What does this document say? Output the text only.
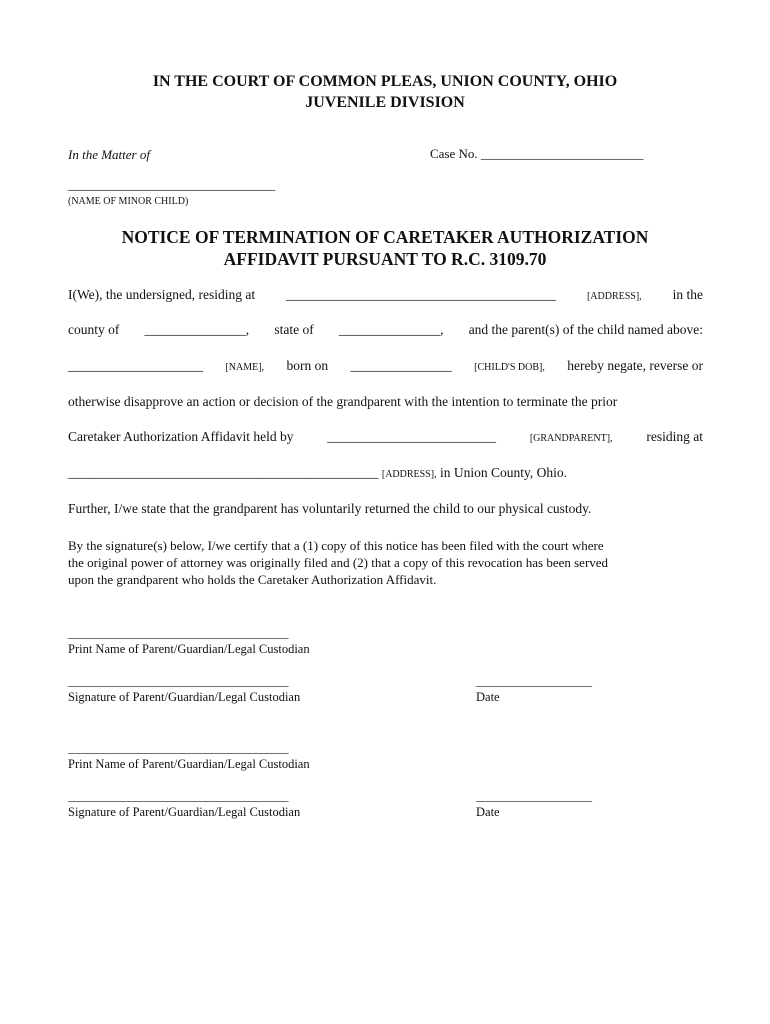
IN THE COURT OF COMMON PLEAS, UNION COUNTY, OHIO
JUVENILE DIVISION
In the Matter of	Case No. _________________________
___________________________________
(NAME OF MINOR CHILD)
NOTICE OF TERMINATION OF CARETAKER AUTHORIZATION
AFFIDAVIT PURSUANT TO R.C. 3109.70
I(We), the undersigned, residing at ________________________________________	[ADDRESS], in the
county of _______________, state of _______________, and the parent(s) of the child named above:
____________________ [NAME], born on _______________ [CHILD'S DOB], hereby negate, reverse or
otherwise disapprove an action or decision of the grandparent with the intention to terminate the prior
Caretaker Authorization Affidavit held by	_________________________	[GRANDPARENT],	residing at
______________________________________________ [ADDRESS], in Union County, Ohio.
Further, I/we state that the grandparent has voluntarily returned the child to our physical custody.
By the signature(s) below, I/we certify that a (1) copy of this notice has been filed with the court where
the original power of attorney was originally filed and (2) that a copy of this revocation has been served
upon the grandparent who holds the Caretaker Authorization Affidavit.
________________________________________
Print Name of Parent/Guardian/Legal Custodian
________________________________________
Signature of Parent/Guardian/Legal Custodian
_____________________
Date
________________________________________
Print Name of Parent/Guardian/Legal Custodian
________________________________________
Signature of Parent/Guardian/Legal Custodian
_____________________
Date
